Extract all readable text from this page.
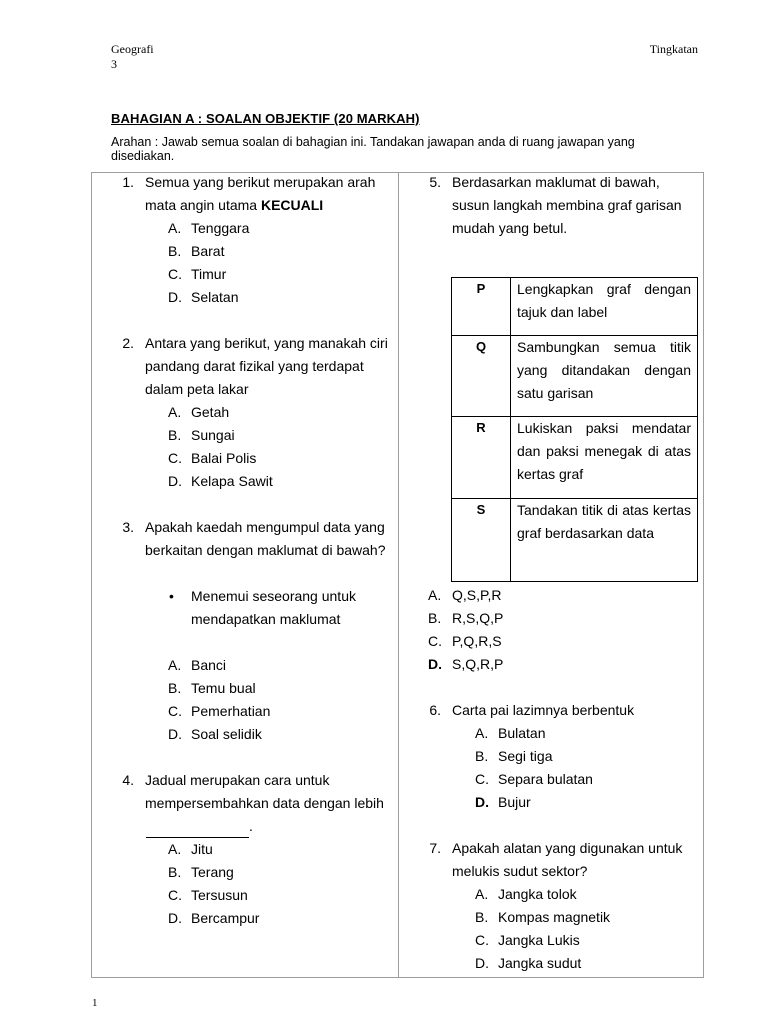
Geografi
3
Tingkatan
BAHAGIAN A : SOALAN OBJEKTIF (20 MARKAH)
Arahan : Jawab semua soalan di bahagian ini. Tandakan jawapan anda di ruang jawapan yang
disediakan.
1. Semua yang berikut merupakan arah
mata angin utama KECUALI
A. Tenggara
B. Barat
C. Timur
D. Selatan
2. Antara yang berikut, yang manakah ciri
pandang darat fizikal yang terdapat
dalam peta lakar
A. Getah
B. Sungai
C. Balai Polis
D. Kelapa Sawit
3. Apakah kaedah mengumpul data yang
berkaitan dengan maklumat di bawah?
• Menemui seseorang untuk
mendapatkan maklumat
A. Banci
B. Temu bual
C. Pemerhatian
D. Soal selidik
4. Jadual merupakan cara untuk
mempersembahkan data dengan lebih
.
A. Jitu
B. Terang
C. Tersusun
D. Bercampur
5. Berdasarkan maklumat di bawah,
susun langkah membina graf garisan
mudah yang betul.
P	Lengkapkan graf dengan tajuk dan label
Q	Sambungkan semua titik yang ditandakan dengan satu garisan
R	Lukiskan paksi mendatar dan paksi menegak di atas kertas graf
S	Tandakan titik di atas kertas graf berdasarkan data
A. Q,S,P,R
B. R,S,Q,P
C. P,Q,R,S
D. S,Q,R,P
6. Carta pai lazimnya berbentuk
A. Bulatan
B. Segi tiga
C. Separa bulatan
D. Bujur
7. Apakah alatan yang digunakan untuk
melukis sudut sektor?
A. Jangka tolok
B. Kompas magnetik
C. Jangka Lukis
D. Jangka sudut
1
